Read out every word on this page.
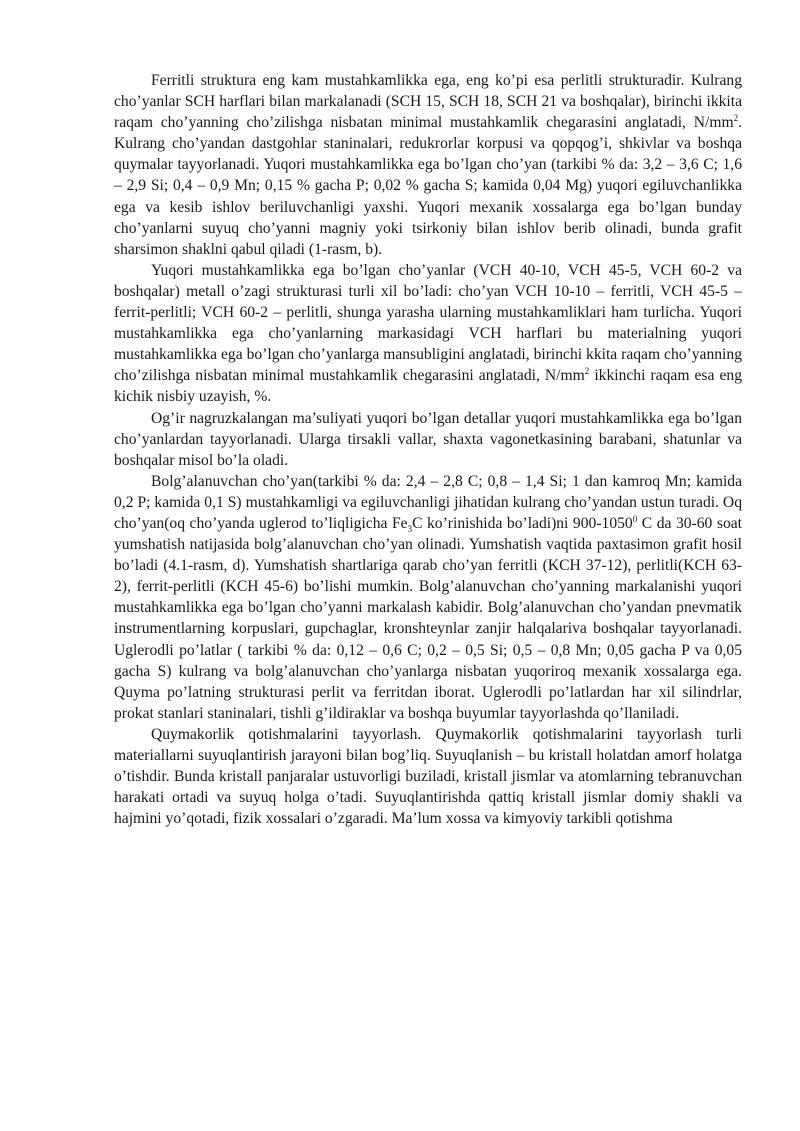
Ferritli struktura eng kam mustahkamlikka ega, eng ko’pi esa perlitli strukturadir. Kulrang cho’yanlar SCH harflari bilan markalanadi (SCH 15, SCH 18, SCH 21 va boshqalar), birinchi ikkita raqam cho’yanning cho’zilishga nisbatan minimal mustahkamlik chegarasini anglatadi, $N/mm^2$. Kulrang cho’yandan dastgohlar staninalari, redukrorlar korpusi va qopqog’i, shkivlar va boshqa quymalar tayyorlanadi. Yuqori mustahkamlikka ega bo’lgan cho’yan (tarkibi % da: 3,2 – 3,6 C; 1,6 – 2,9 Si; 0,4 – 0,9 Mn; 0,15 % gacha P; 0,02 % gacha S; kamida 0,04 Mg) yuqori egiluvchanlikka ega va kesib ishlov beriluvchanligi yaxshi. Yuqori mexanik xossalarga ega bo’lgan bunday cho’yanlarni suyuq cho’yanni magniy yoki tsirkoniy bilan ishlov berib olinadi, bunda grafit sharsimon shaklni qabul qiladi (1-rasm, b).

Yuqori mustahkamlikka ega bo’lgan cho’yanlar (VCH 40-10, VCH 45-5, VCH 60-2 va boshqalar) metall o’zagi strukturasi turli xil bo’ladi: cho’yan VCH 10-10 – ferritli, VCH 45-5 – ferrit-perlitli; VCH 60-2 – perlitli, shunga yarasha ularning mustahkamliklari ham turlicha. Yuqori mustahkamlikka ega cho’yanlarning markasidagi VCH harflari bu materialning yuqori mustahkamlikka ega bo’lgan cho’yanlarga mansubligini anglatadi, birinchi kkita raqam cho’yanning cho’zilishga nisbatan minimal mustahkamlik chegarasini anglatadi, $N/mm^2$ ikkinchi raqam esa eng kichik nisbiy uzayish, %.

Og’ir nagruzkalangan ma’suliyati yuqori bo’lgan detallar yuqori mustahkamlikka ega bo’lgan cho’yanlardan tayyorlanadi. Ularga tirsakli vallar, shaxta vagonetkasining barabani, shatunlar va boshqalar misol bo’la oladi.

Bolg’alanuvchan cho’yan(tarkibi % da: 2,4 – 2,8 C; 0,8 – 1,4 Si; 1 dan kamroq Mn; kamida 0,2 P; kamida 0,1 S) mustahkamligi va egiluvchanligi jihatidan kulrang cho’yandan ustun turadi. Oq cho’yan(oq cho’yanda uglerod to’liqligicha $Fe_3C$ ko’rinishida bo’ladi)ni 900-1050$^0$ C da 30-60 soat yumshatish natijasida bolg’alanuvchan cho’yan olinadi. Yumshatish vaqtida paxtasimon grafit hosil bo’ladi (4.1-rasm, d). Yumshatish shartlariga qarab cho’yan ferritli (KCH 37-12), perlitli(KCH 63-2), ferrit-perlitli (KCH 45-6) bo’lishi mumkin. Bolg’alanuvchan cho’yanning markalanishi yuqori mustahkamlikka ega bo’lgan cho’yanni markalash kabidir. Bolg’alanuvchan cho’yandan pnevmatik instrumentlarning korpuslari, gupchaglar, kronshteynlar zanjir halqalariva boshqalar tayyorlanadi. Uglerodli po’latlar ( tarkibi % da: 0,12 – 0,6 C; 0,2 – 0,5 Si; 0,5 – 0,8 Mn; 0,05 gacha P va 0,05 gacha S) kulrang va bolg’alanuvchan cho’yanlarga nisbatan yuqoriroq mexanik xossalarga ega. Quyma po’latning strukturasi perlit va ferritdan iborat. Uglerodli po’latlardan har xil silindrlar, prokat stanlari staninalari, tishli g’ildiraklar va boshqa buyumlar tayyorlashda qo’llaniladi.

Quymakorlik qotishmalarini tayyorlash. Quymakorlik qotishmalarini tayyorlash turli materiallarni suyuqlantirish jarayoni bilan bog’liq. Suyuqlanish – bu kristall holatdan amorf holatga o’tishdir. Bunda kristall panjaralar ustuvorligi buziladi, kristall jismlar va atomlarning tebranuvchan harakati ortadi va suyuq holga o’tadi. Suyuqlantirishda qattiq kristall jismlar domiy shakli va hajmini yo’qotadi, fizik xossalari o’zgaradi. Ma’lum xossa va kimyoviy tarkibli qotishma
